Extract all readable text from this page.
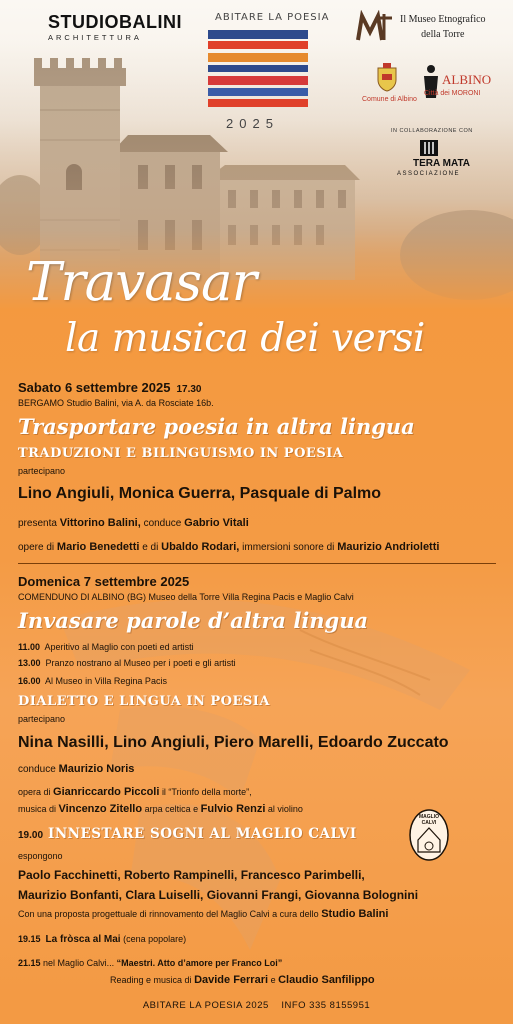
STUDIOBALINI
ARCHITETTURA
ABITARE LA POESIA
2025
Il Museo Etnografico
della Torre
Comune di Albino
ALBINO
Città dei MORONI
IN COLLABORAZIONE CON
TERA MATA
ASSOCIAZIONE
Travasar
la musica dei versi
Sabato 6 settembre 2025 17.30
BERGAMO Studio Balini, via A. da Rosciate 16b.
Trasportare poesia in altra lingua
TRADUZIONI E BILINGUISMO IN POESIA
partecipano
Lino Angiuli, Monica Guerra, Pasquale di Palmo
presenta Vittorino Balini, conduce Gabrio Vitali
opere di Mario Benedetti e di Ubaldo Rodari, immersioni sonore di Maurizio Andrioletti
Domenica 7 settembre 2025
COMENDUNO DI ALBINO (BG) Museo della Torre Villa Regina Pacis e Maglio Calvi
Invasare parole d’altra lingua
11.00 Aperitivo al Maglio con poeti ed artisti
13.00 Pranzo nostrano al Museo per i poeti e gli artisti
16.00 Al Museo in Villa Regina Pacis
DIALETTO E LINGUA IN POESIA
partecipano
Nina Nasilli, Lino Angiuli, Piero Marelli, Edoardo Zuccato
conduce Maurizio Noris
opera di Gianriccardo Piccoli il “Trionfo della morte”,
musica di Vincenzo Zitello arpa celtica e Fulvio Renzi al violino
19.00 INNESTARE SOGNI AL MAGLIO CALVI
MAGLIO CALVI
espongono
Paolo Facchinetti, Roberto Rampinelli, Francesco Parimbelli,
Maurizio Bonfanti, Clara Luiselli, Giovanni Frangi, Giovanna Bolognini
Con una proposta progettuale di rinnovamento del Maglio Calvi a cura dello Studio Balini
19.15 La fròsca al Mai (cena popolare)
21.15 nel Maglio Calvi... “Maestri. Atto d’amore per Franco Loi”
Reading e musica di Davide Ferrari e Claudio Sanfilippo
ABITARE LA POESIA 2025 INFO 335 8155951
